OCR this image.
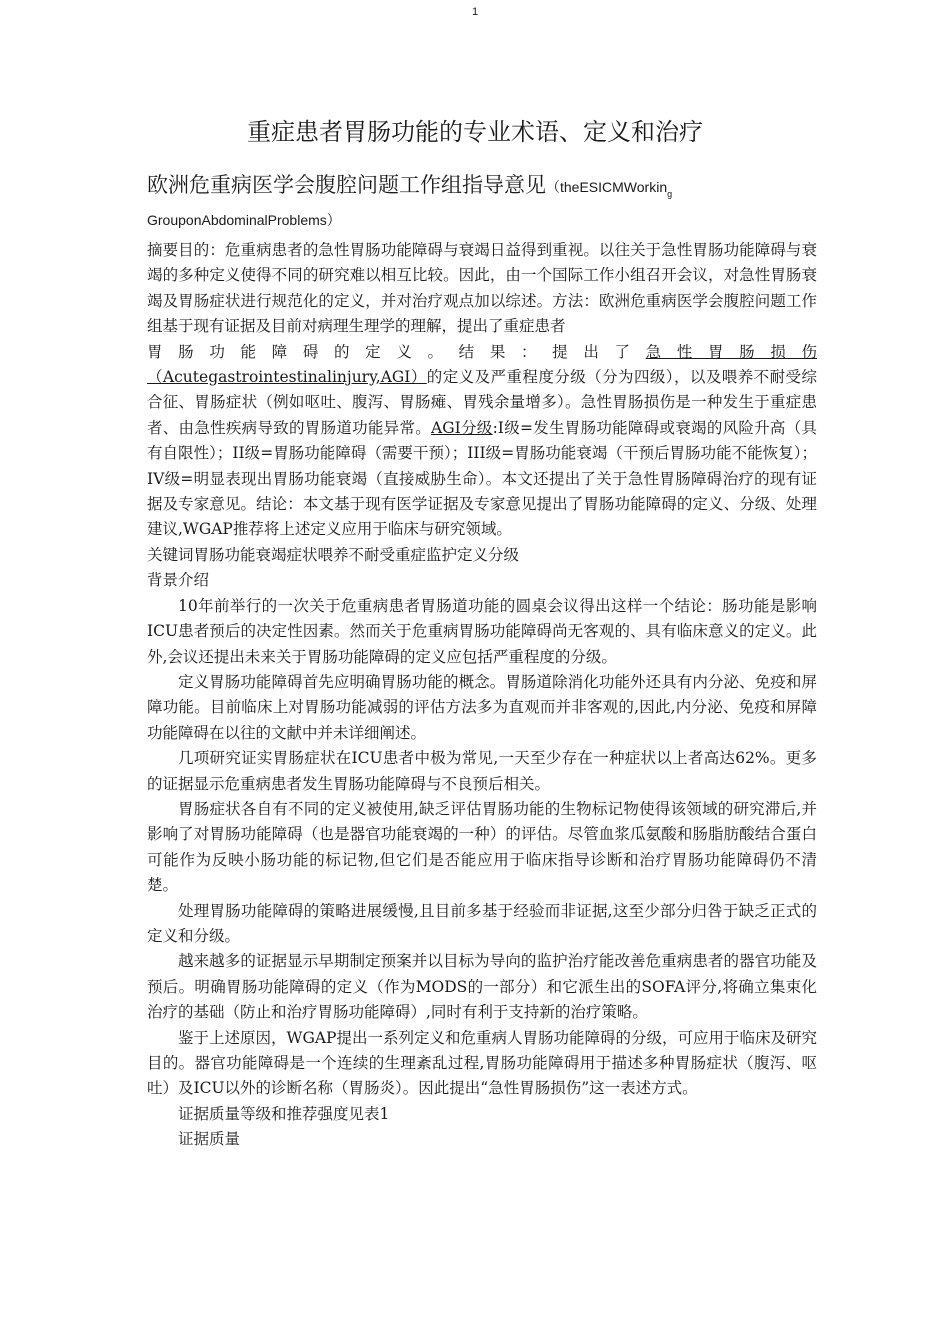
1
重症患者胃肠功能的专业术语、定义和治疗
欧洲危重病医学会腹腔问题工作组指导意见（theESICMWorkin$_g$
GrouponAbdominalProblems）

摘要目的：危重病患者的急性胃肠功能障碍与衰竭日益得到重视。以往关于急性胃肠功能障碍与衰竭的多种定义使得不同的研究难以相互比较。因此，由一个国际工作小组召开会议，对急性胃肠衰竭及胃肠症状进行规范化的定义，并对治疗观点加以综述。方法：欧洲危重病医学会腹腔问题工作组基于现有证据及目前对病理生理学的理解，提出了重症患者

胃肠功能障碍的定义。结果：提出了急性胃肠损伤

（Acutegastrointestinalinjury,AGI）的定义及严重程度分级（分为四级），以及喂养不耐受综合征、胃肠症状（例如呕吐、腹泻、胃肠瘫、胃残余量增多）。急性胃肠损伤是一种发生于重症患者、由急性疾病导致的胃肠道功能异常。AGI分级:I级=发生胃肠功能障碍或衰竭的风险升高（具有自限性）；II级=胃肠功能障碍（需要干预）；III级=胃肠功能衰竭（干预后胃肠功能不能恢复）；IV级=明显表现出胃肠功能衰竭（直接威胁生命）。本文还提出了关于急性胃肠障碍治疗的现有证据及专家意见。结论：本文基于现有医学证据及专家意见提出了胃肠功能障碍的定义、分级、处理建议,WGAP推荐将上述定义应用于临床与研究领域。

关键词胃肠功能衰竭症状喂养不耐受重症监护定义分级

背景介绍

10年前举行的一次关于危重病患者胃肠道功能的圆桌会议得出这样一个结论：肠功能是影响ICU患者预后的决定性因素。然而关于危重病胃肠功能障碍尚无客观的、具有临床意义的定义。此外,会议还提出未来关于胃肠功能障碍的定义应包括严重程度的分级。

定义胃肠功能障碍首先应明确胃肠功能的概念。胃肠道除消化功能外还具有内分泌、免疫和屏障功能。目前临床上对胃肠功能减弱的评估方法多为直观而并非客观的,因此,内分泌、免疫和屏障功能障碍在以往的文献中并未详细阐述。

几项研究证实胃肠症状在ICU患者中极为常见,一天至少存在一种症状以上者高达62%。更多的证据显示危重病患者发生胃肠功能障碍与不良预后相关。

胃肠症状各自有不同的定义被使用,缺乏评估胃肠功能的生物标记物使得该领域的研究滞后,并影响了对胃肠功能障碍（也是器官功能衰竭的一种）的评估。尽管血浆瓜氨酸和肠脂肪酸结合蛋白可能作为反映小肠功能的标记物,但它们是否能应用于临床指导诊断和治疗胃肠功能障碍仍不清楚。

处理胃肠功能障碍的策略进展缓慢,且目前多基于经验而非证据,这至少部分归咎于缺乏正式的定义和分级。

越来越多的证据显示早期制定预案并以目标为导向的监护治疗能改善危重病患者的器官功能及预后。明确胃肠功能障碍的定义（作为MODS的一部分）和它派生出的SOFA评分,将确立集束化治疗的基础（防止和治疗胃肠功能障碍）,同时有利于支持新的治疗策略。

鉴于上述原因，WGAP提出一系列定义和危重病人胃肠功能障碍的分级，可应用于临床及研究目的。器官功能障碍是一个连续的生理紊乱过程,胃肠功能障碍用于描述多种胃肠症状（腹泻、呕吐）及ICU以外的诊断名称（胃肠炎）。因此提出“急性胃肠损伤”这一表述方式。

证据质量等级和推荐强度见表1

证据质量
